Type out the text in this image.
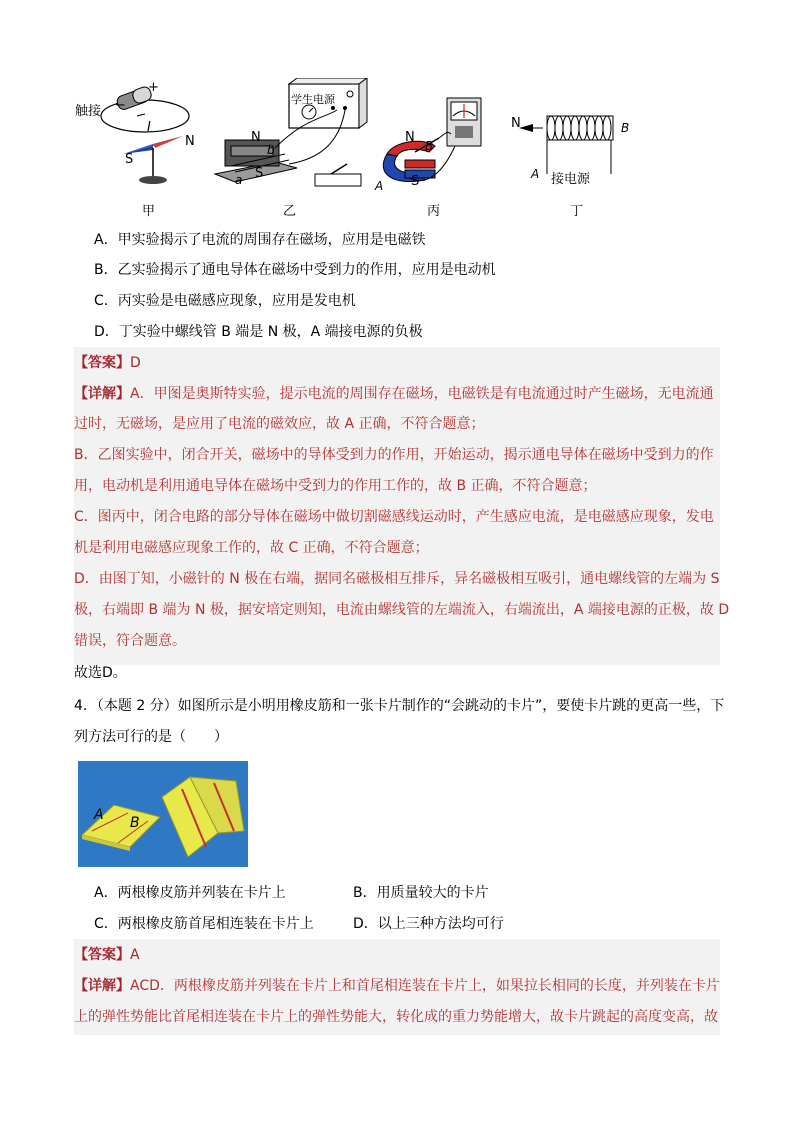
触接
+
−
I
S
N
学生电源
N
b
a S
N
B
A S
N
A
B
接电源
甲	乙	丙	丁
A．甲实验揭示了电流的周围存在磁场，应用是电磁铁
B．乙实验揭示了通电导体在磁场中受到力的作用，应用是电动机
C．丙实验是电磁感应现象，应用是发电机
D．丁实验中螺线管 B 端是 N 极，A 端接电源的负极
【答案】D
【详解】A．甲图是奥斯特实验，提示电流的周围存在磁场，电磁铁是有电流通过时产生磁场，无电流通
过时，无磁场，是应用了电流的磁效应，故 A 正确，不符合题意；
B．乙图实验中，闭合开关，磁场中的导体受到力的作用，开始运动，揭示通电导体在磁场中受到力的作
用，电动机是利用通电导体在磁场中受到力的作用工作的，故 B 正确，不符合题意；
C．图丙中，闭合电路的部分导体在磁场中做切割磁感线运动时，产生感应电流，是电磁感应现象，发电
机是利用电磁感应现象工作的，故 C 正确，不符合题意；
D．由图丁知，小磁针的 N 极在右端，据同名磁极相互排斥，异名磁极相互吸引，通电螺线管的左端为 S
极，右端即 B 端为 N 极，据安培定则知，电流由螺线管的左端流入，右端流出，A 端接电源的正极，故 D
错误，符合题意。
故选D。
4．（本题 2 分）如图所示是小明用橡皮筋和一张卡片制作的“会跳动的卡片”，要使卡片跳的更高一些，下
列方法可行的是（　　）
A B
A．两根橡皮筋并列装在卡片上	B．用质量较大的卡片
C．两根橡皮筋首尾相连装在卡片上	D．以上三种方法均可行
【答案】A
【详解】ACD．两根橡皮筋并列装在卡片上和首尾相连装在卡片上，如果拉长相同的长度，并列装在卡片
上的弹性势能比首尾相连装在卡片上的弹性势能大，转化成的重力势能增大，故卡片跳起的高度变高，故
